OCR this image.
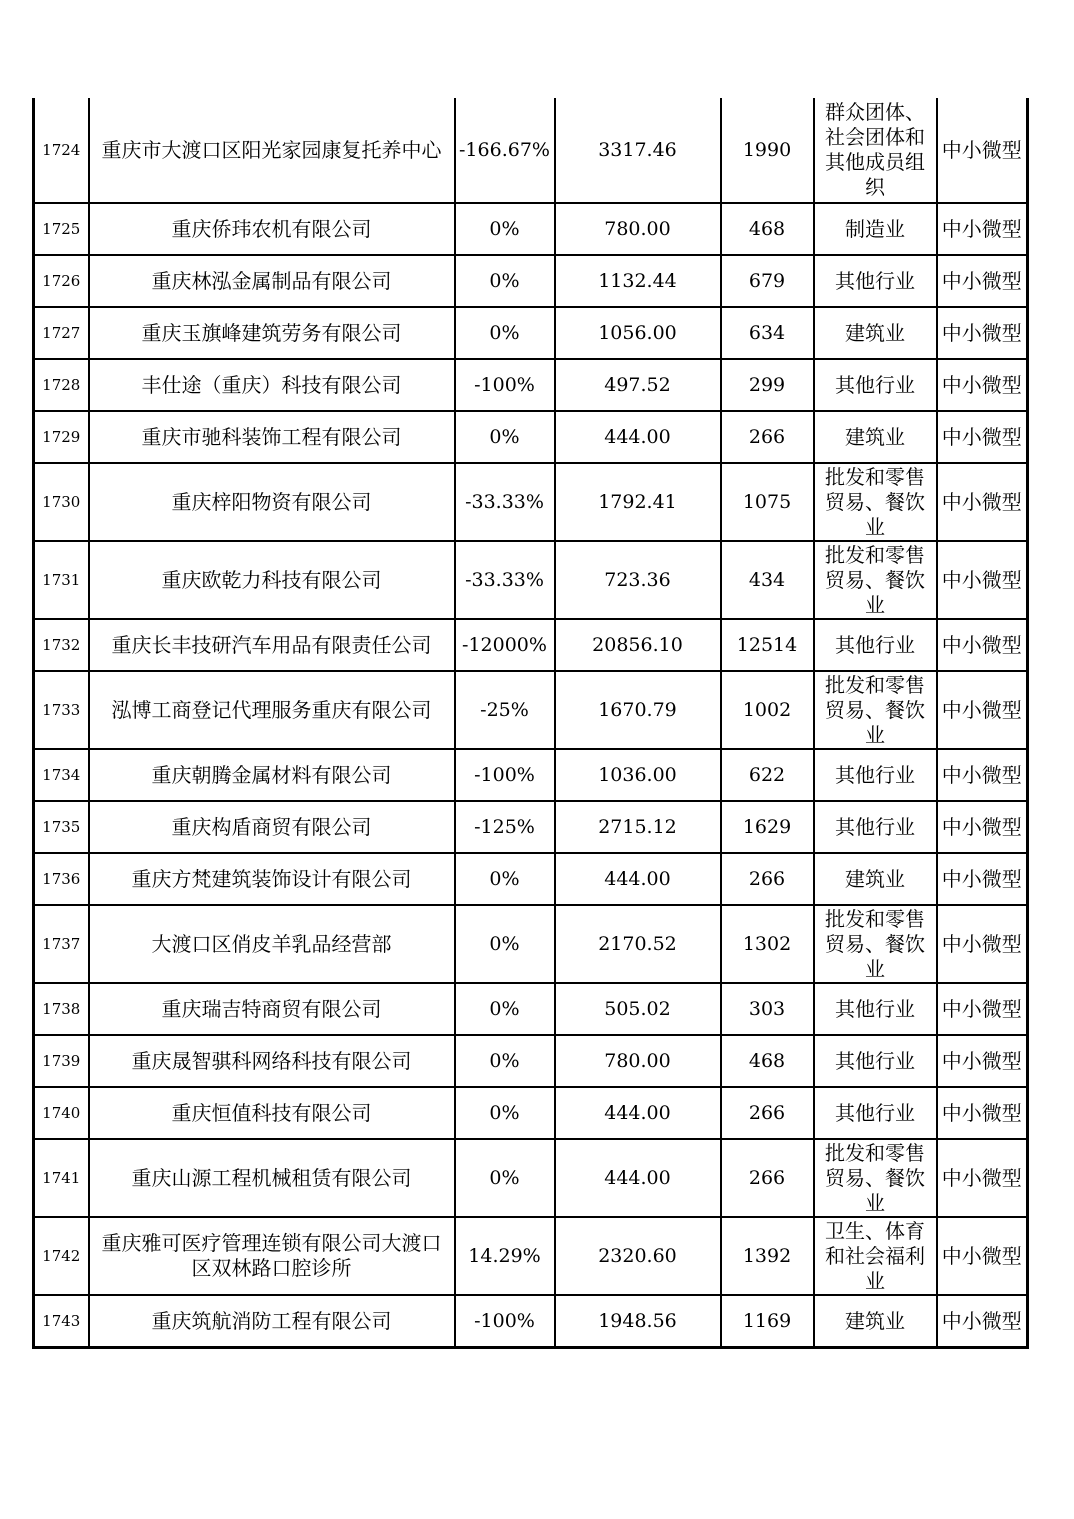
1724	重庆市大渡口区阳光家园康复托养中心	-166.67%	3317.46	1990	群众团体、社会团体和其他成员组织	中小微型
1725	重庆侨玮农机有限公司	0%	780.00	468	制造业	中小微型
1726	重庆林泓金属制品有限公司	0%	1132.44	679	其他行业	中小微型
1727	重庆玉旗峰建筑劳务有限公司	0%	1056.00	634	建筑业	中小微型
1728	丰仕途（重庆）科技有限公司	-100%	497.52	299	其他行业	中小微型
1729	重庆市驰科装饰工程有限公司	0%	444.00	266	建筑业	中小微型
1730	重庆梓阳物资有限公司	-33.33%	1792.41	1075	批发和零售贸易、餐饮业	中小微型
1731	重庆欧乾力科技有限公司	-33.33%	723.36	434	批发和零售贸易、餐饮业	中小微型
1732	重庆长丰技研汽车用品有限责任公司	-12000%	20856.10	12514	其他行业	中小微型
1733	泓博工商登记代理服务重庆有限公司	-25%	1670.79	1002	批发和零售贸易、餐饮业	中小微型
1734	重庆朝腾金属材料有限公司	-100%	1036.00	622	其他行业	中小微型
1735	重庆构盾商贸有限公司	-125%	2715.12	1629	其他行业	中小微型
1736	重庆方梵建筑装饰设计有限公司	0%	444.00	266	建筑业	中小微型
1737	大渡口区俏皮羊乳品经营部	0%	2170.52	1302	批发和零售贸易、餐饮业	中小微型
1738	重庆瑞吉特商贸有限公司	0%	505.02	303	其他行业	中小微型
1739	重庆晟智骐科网络科技有限公司	0%	780.00	468	其他行业	中小微型
1740	重庆恒值科技有限公司	0%	444.00	266	其他行业	中小微型
1741	重庆山源工程机械租赁有限公司	0%	444.00	266	批发和零售贸易、餐饮业	中小微型
1742	重庆雅可医疗管理连锁有限公司大渡口区双林路口腔诊所	14.29%	2320.60	1392	卫生、体育和社会福利业	中小微型
1743	重庆筑航消防工程有限公司	-100%	1948.56	1169	建筑业	中小微型
